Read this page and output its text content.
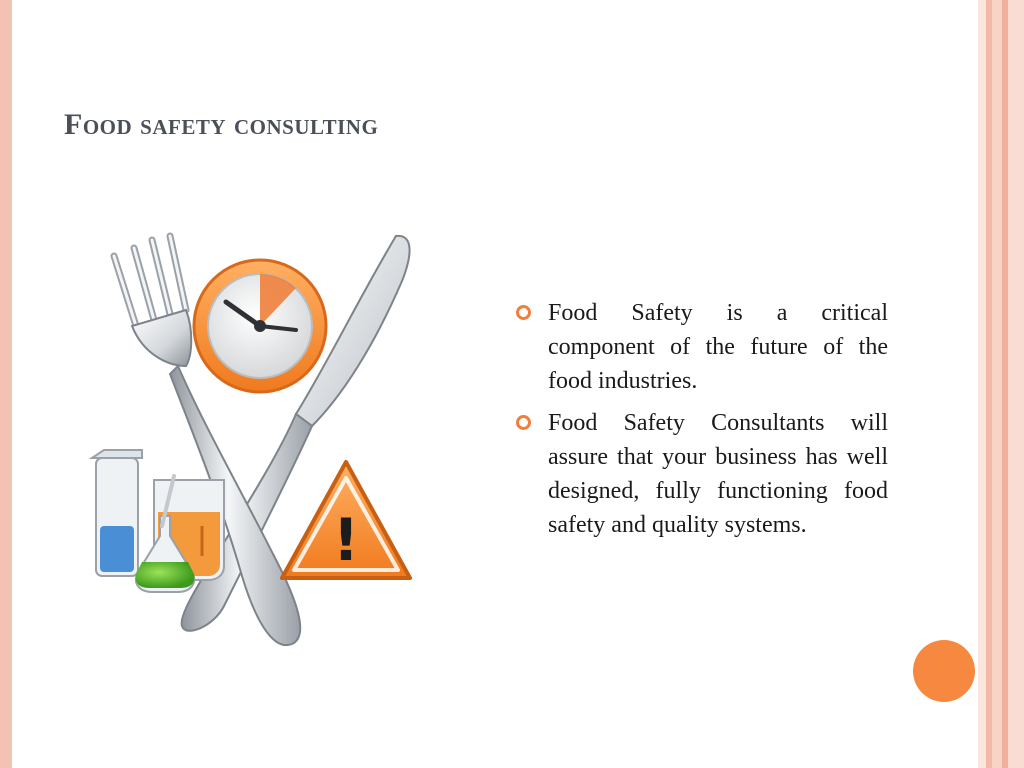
Food safety consulting
!
Food Safety is a critical component of the future of the food industries.
Food Safety Consultants will assure that your business has well designed, fully functioning food safety and quality systems.
